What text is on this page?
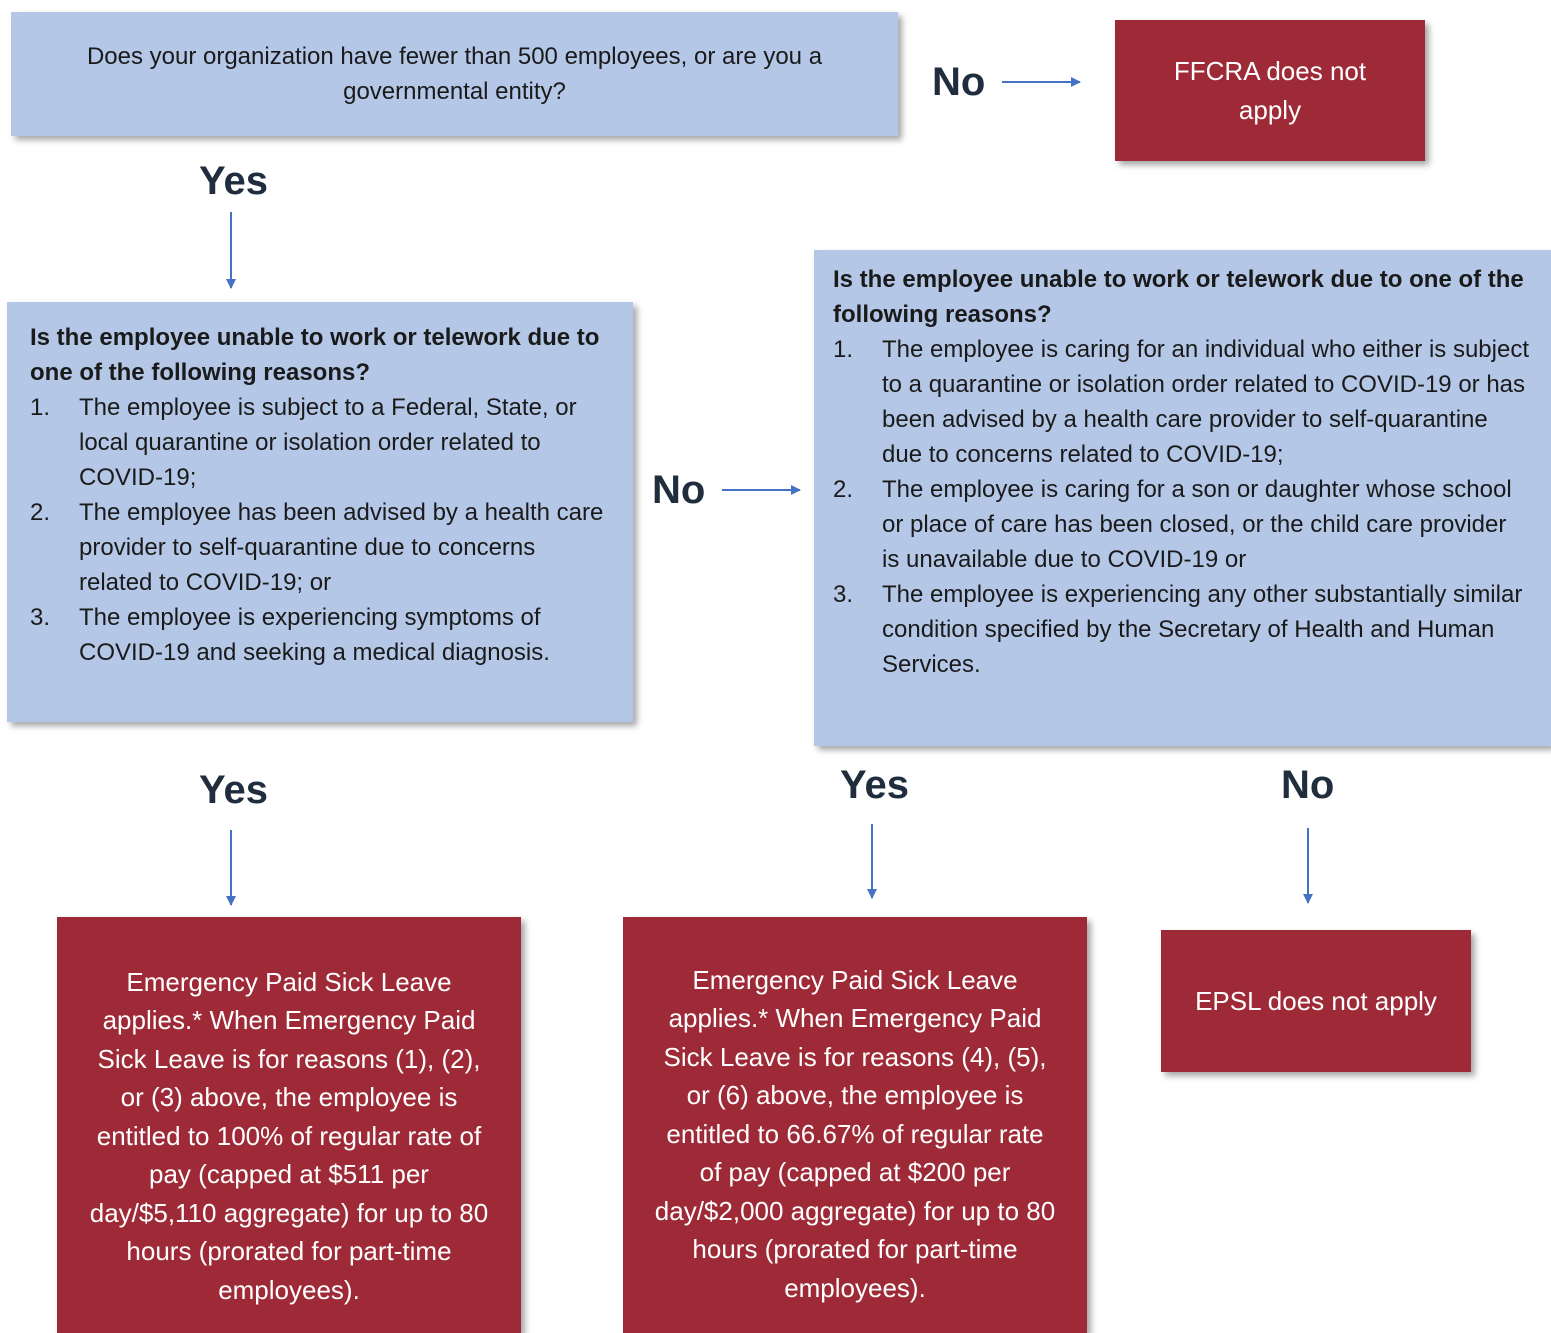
Does your organization have fewer than 500 employees, or are you a governmental entity?	No	FFCRA does not apply
Yes

Is the employee unable to work or telework due to one of the following reasons?

1. The employee is subject to a Federal, State, or local quarantine or isolation order related to COVID-19;
2. The employee has been advised by a health care provider to self-quarantine due to concerns related to COVID-19; or
3. The employee is experiencing symptoms of COVID-19 and seeking a medical diagnosis.
No

Is the employee unable to work or telework due to one of the following reasons?

1. The employee is caring for an individual who either is subject to a quarantine or isolation order related to COVID-19 or has been advised by a health care provider to self-quarantine due to concerns related to COVID-19;
2. The employee is caring for a son or daughter whose school or place of care has been closed, or the child care provider is unavailable due to COVID-19 or
3. The employee is experiencing any other substantially similar condition specified by the Secretary of Health and Human Services.
Yes	Yes	No
Emergency Paid Sick Leave applies.* When Emergency Paid Sick Leave is for reasons (1), (2), or (3) above, the employee is entitled to 100% of regular rate of pay (capped at $511 per day/$5,110 aggregate) for up to 80 hours (prorated for part-time employees).
Emergency Paid Sick Leave applies.* When Emergency Paid Sick Leave is for reasons (4), (5), or (6) above, the employee is entitled to 66.67% of regular rate of pay (capped at $200 per day/$2,000 aggregate) for up to 80 hours (prorated for part-time employees).
EPSL does not apply
